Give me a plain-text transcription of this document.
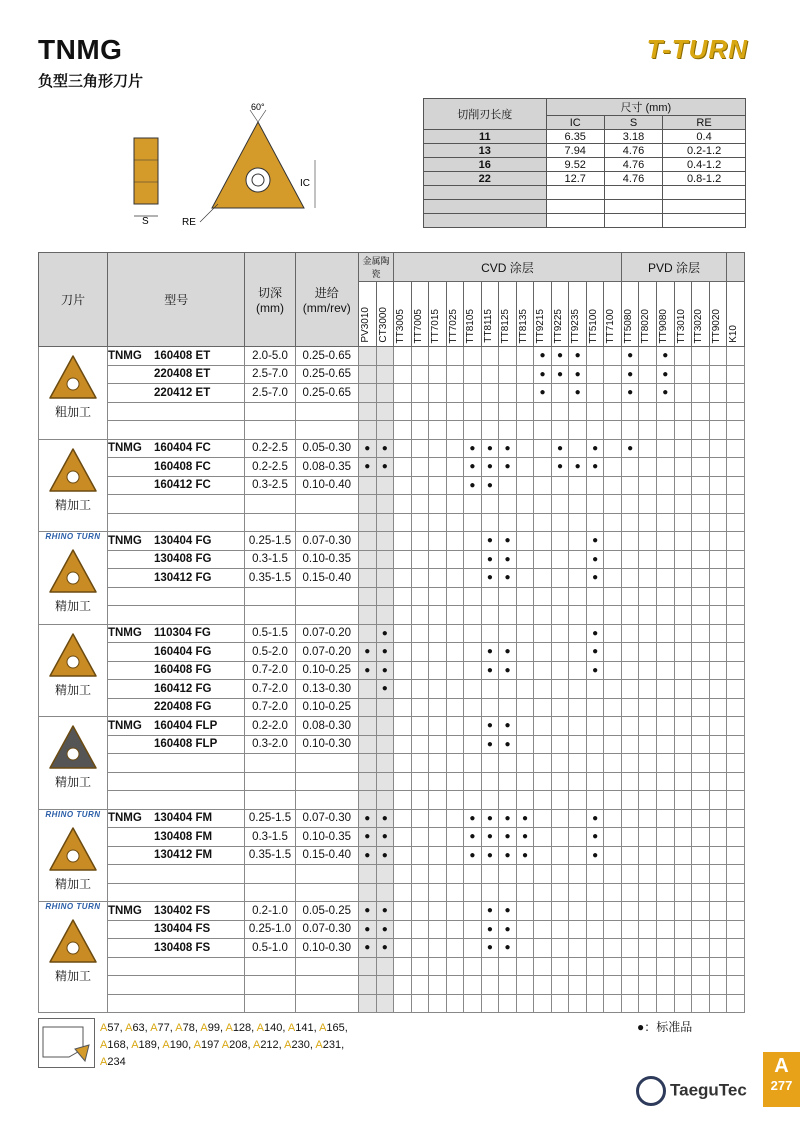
TNMG
负型三角形刀片
T-TURN
S
60°
IC
RE
切削刃长度	尺寸 (mm)		
	IC	S	RE
11	6.35	3.18	0.4
13	7.94	4.76	0.2-1.2
16	9.52	4.76	0.4-1.2
22	12.7	4.76	0.8-1.2

刀片	型号	切深 (mm)	进给 (mm/rev)	金属陶瓷		CVD 涂层													PVD 涂层						

				PV3010	CT3000	TT3005	TT7005	TT7015	TT7025	TT8105	TT8115	TT8125	TT8135	TT9215	TT9225	TT9235	TT5100	TT7100	TT5080	TT8020	TT9080	TT3010	TT3020	TT9020	K10

粗加工	TNMG 160408 ET	2.0-5.0	0.25-0.65											●	●	●			●		●				
	220408 ET	2.5-7.0	0.25-0.65											●	●	●			●		●				
	220412 ET	2.5-7.0	0.25-0.65											●		●			●		●				

精加工	TNMG 160404 FC	0.2-2.5	0.05-0.30	●	●					●	●	●			●		●		●						
	160408 FC	0.2-2.5	0.08-0.35	●	●					●	●	●			●	●	●								
	160412 FC	0.3-2.5	0.10-0.40							●	●														

RHINO TURN
精加工	TNMG 130404 FG	0.25-1.5	0.07-0.30								●	●					●								
	130408 FG	0.3-1.5	0.10-0.35								●	●					●								
	130412 FG	0.35-1.5	0.15-0.40								●	●					●								

精加工	TNMG 110304 FG	0.5-1.5	0.07-0.20		●												●								
	160404 FG	0.5-2.0	0.07-0.20	●	●						●	●					●								
	160408 FG	0.7-2.0	0.10-0.25	●	●						●	●					●								
	160412 FG	0.7-2.0	0.13-0.30		●																				
	220408 FG	0.7-2.0	0.10-0.25																						

精加工	TNMG 160404 FLP	0.2-2.0	0.08-0.30								●	●													
	160408 FLP	0.3-2.0	0.10-0.30								●	●													

RHINO TURN
精加工	TNMG 130404 FM	0.25-1.5	0.07-0.30	●	●					●	●	●	●				●								
	130408 FM	0.3-1.5	0.10-0.35	●	●					●	●	●	●				●								
	130412 FM	0.35-1.5	0.15-0.40	●	●					●	●	●	●				●								

RHINO TURN
精加工	TNMG 130402 FS	0.2-1.0	0.05-0.25	●	●						●	●													
	130404 FS	0.25-1.0	0.07-0.30	●	●						●	●													
	130408 FS	0.5-1.0	0.10-0.30	●	●						●	●													

A57, A63, A77, A78, A99, A128, A140, A141, A165, A168, A189, A190, A197 A208, A212, A230, A231, A234
●：标准品
TaeguTec
A
277
